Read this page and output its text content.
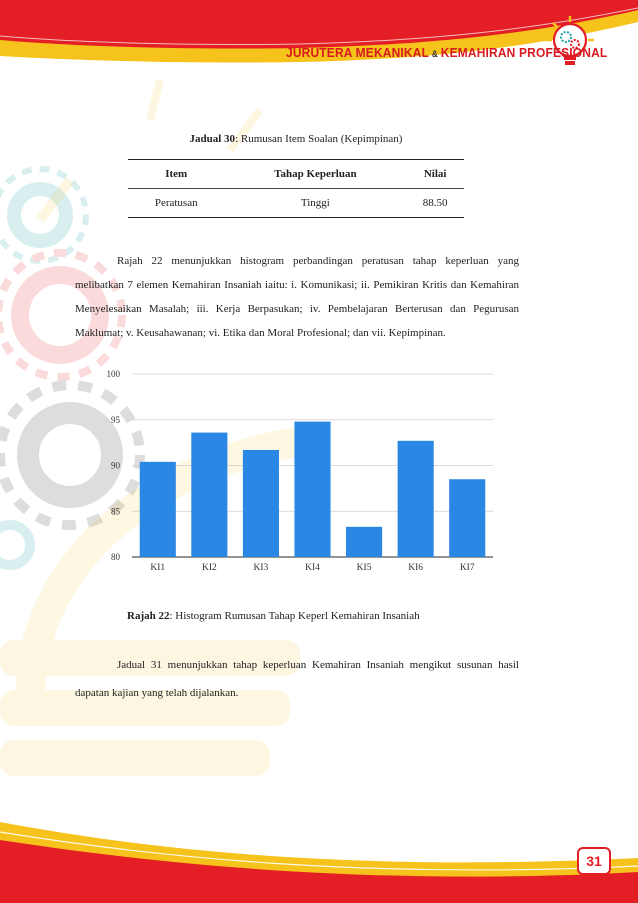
JURUTERA MEKANIKAL & KEMAHIRAN PROFESIONAL
Jadual 30: Rumusan Item Soalan (Kepimpinan)
Item	Tahap Keperluan	Nilai
Peratusan	Tinggi	88.50
Rajah 22 menunjukkan histogram perbandingan peratusan tahap keperluan yang melibatkan 7 elemen Kemahiran Insaniah iaitu: i. Komunikasi; ii. Pemikiran Kritis dan Kemahiran Menyelesaikan Masalah; iii. Kerja Berpasukan; iv. Pembelajaran Berterusan dan Pegurusan Maklumat; v. Keusahawanan; vi. Etika dan Moral Profesional; dan vii. Kepimpinan.
80
85
90
95
100
KI1	KI2	KI3	KI4	KI5	KI6	KI7
Rajah 22: Histogram Rumusan Tahap Keperl Kemahiran Insaniah
Jadual 31 menunjukkan tahap keperluan Kemahiran Insaniah mengikut susunan hasil dapatan kajian yang telah dijalankan.
31
